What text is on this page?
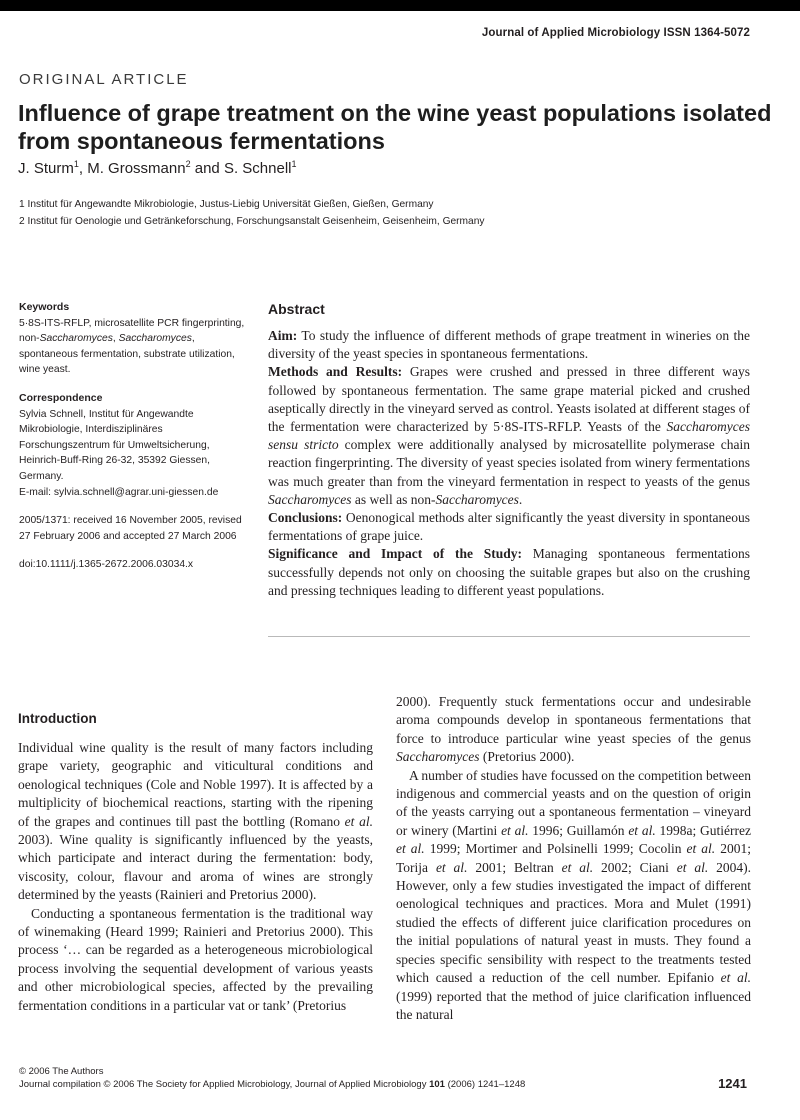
Journal of Applied Microbiology ISSN 1364-5072
ORIGINAL ARTICLE
Influence of grape treatment on the wine yeast populations isolated from spontaneous fermentations
J. Sturm$^1$, M. Grossmann$^2$ and S. Schnell$^1$
1 Institut für Angewandte Mikrobiologie, Justus-Liebig Universität Gießen, Gießen, Germany
2 Institut für Oenologie und Getränkeforschung, Forschungsanstalt Geisenheim, Geisenheim, Germany
Keywords

5·8S-ITS-RFLP, microsatellite PCR fingerprinting, non-Saccharomyces, Saccharomyces, spontaneous fermentation, substrate utilization, wine yeast.

Correspondence

Sylvia Schnell, Institut für Angewandte

Mikrobiologie, Interdisziplinäres

Forschungszentrum für Umweltsicherung,

Heinrich-Buff-Ring 26-32, 35392 Giessen,

Germany.

E-mail: sylvia.schnell@agrar.uni-giessen.de

2005/1371: received 16 November 2005, revised 27 February 2006 and accepted 27 March 2006

doi:10.1111/j.1365-2672.2006.03034.x

Abstract

Aim: To study the influence of different methods of grape treatment in wineries on the diversity of the yeast species in spontaneous fermentations.

Methods and Results: Grapes were crushed and pressed in three different ways followed by spontaneous fermentation. The same grape material picked and crushed aseptically directly in the vineyard served as control. Yeasts isolated at different stages of the fermentation were characterized by 5·8S-ITS-RFLP. Yeasts of the Saccharomyces sensu stricto complex were additionally analysed by microsatellite polymerase chain reaction fingerprinting. The diversity of yeast species isolated from winery fermentations was much greater than from the vineyard fermentation in respect to yeasts of the genus Saccharomyces as well as non-Saccharomyces.

Conclusions: Oenonogical methods alter significantly the yeast diversity in spontaneous fermentations of grape juice.

Significance and Impact of the Study: Managing spontaneous fermentations successfully depends not only on choosing the suitable grapes but also on the crushing and pressing techniques leading to different yeast populations.

Introduction

Individual wine quality is the result of many factors including grape variety, geographic and viticultural conditions and oenological techniques (Cole and Noble 1997). It is affected by a multiplicity of biochemical reactions, starting with the ripening of the grapes and continues till past the bottling (Romano et al. 2003). Wine quality is significantly influenced by the yeasts, which participate and interact during the fermentation: body, viscosity, colour, flavour and aroma of wines are strongly determined by the yeasts (Rainieri and Pretorius 2000).

Conducting a spontaneous fermentation is the traditional way of winemaking (Heard 1999; Rainieri and Pretorius 2000). This process ‘… can be regarded as a heterogeneous microbiological process involving the sequential development of various yeasts and other microbiological species, affected by the prevailing fermentation conditions in a particular vat or tank’ (Pretorius

2000). Frequently stuck fermentations occur and undesirable aroma compounds develop in spontaneous fermentations that force to introduce particular wine yeast species of the genus Saccharomyces (Pretorius 2000).

A number of studies have focussed on the competition between indigenous and commercial yeasts and on the question of origin of the yeasts carrying out a spontaneous fermentation – vineyard or winery (Martini et al. 1996; Guillamón et al. 1998a; Gutiérrez et al. 1999; Mortimer and Polsinelli 1999; Cocolin et al. 2001; Torija et al. 2001; Beltran et al. 2002; Ciani et al. 2004). However, only a few studies investigated the impact of different oenological techniques and practices. Mora and Mulet (1991) studied the effects of different juice clarification procedures on the initial populations of natural yeast in musts. They found a species specific sensibility with respect to the treatments tested which caused a reduction of the cell number. Epifanio et al. (1999) reported that the method of juice clarification influenced the natural

© 2006 The Authors
Journal compilation © 2006 The Society for Applied Microbiology, Journal of Applied Microbiology 101 (2006) 1241–1248	1241
